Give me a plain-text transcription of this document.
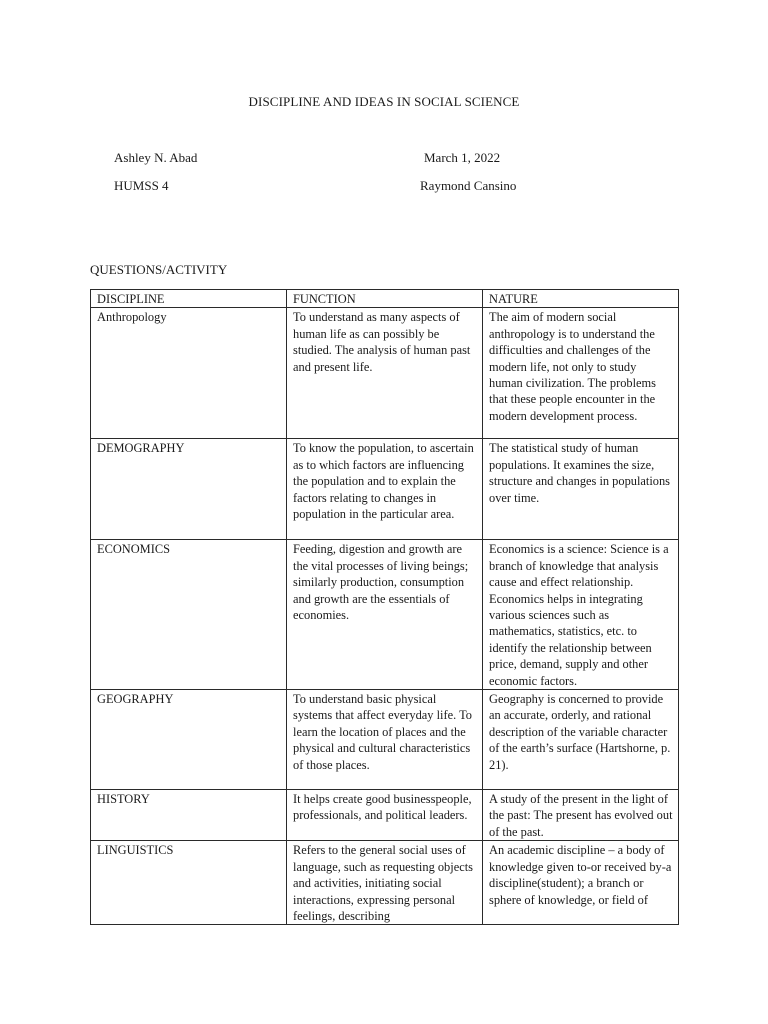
DISCIPLINE AND IDEAS IN SOCIAL SCIENCE
Ashley N. Abad	March 1, 2022
HUMSS 4	Raymond Cansino
QUESTIONS/ACTIVITY
DISCIPLINE	FUNCTION	NATURE
Anthropology	To understand as many aspects of human life as can possibly be studied. The analysis of human past and present life.	The aim of modern social anthropology is to understand the difficulties and challenges of the modern life, not only to study human civilization. The problems that these people encounter in the modern development process.
DEMOGRAPHY	To know the population, to ascertain as to which factors are influencing the population and to explain the factors relating to changes in population in the particular area.	The statistical study of human populations. It examines the size, structure and changes in populations over time.
ECONOMICS	Feeding, digestion and growth are the vital processes of living beings; similarly production, consumption and growth are the essentials of economies.	Economics is a science: Science is a branch of knowledge that analysis cause and effect relationship. Economics helps in integrating various sciences such as mathematics, statistics, etc. to identify the relationship between price, demand, supply and other economic factors.
GEOGRAPHY	To understand basic physical systems that affect everyday life. To learn the location of places and the physical and cultural characteristics of those places.	Geography is concerned to provide an accurate, orderly, and rational description of the variable character of the earth’s surface (Hartshorne, p. 21).
HISTORY	It helps create good businesspeople, professionals, and political leaders.	A study of the present in the light of the past: The present has evolved out of the past.
LINGUISTICS	Refers to the general social uses of language, such as requesting objects and activities, initiating social interactions, expressing personal feelings, describing	An academic discipline – a body of knowledge given to-or received by-a discipline(student); a branch or sphere of knowledge, or field of
